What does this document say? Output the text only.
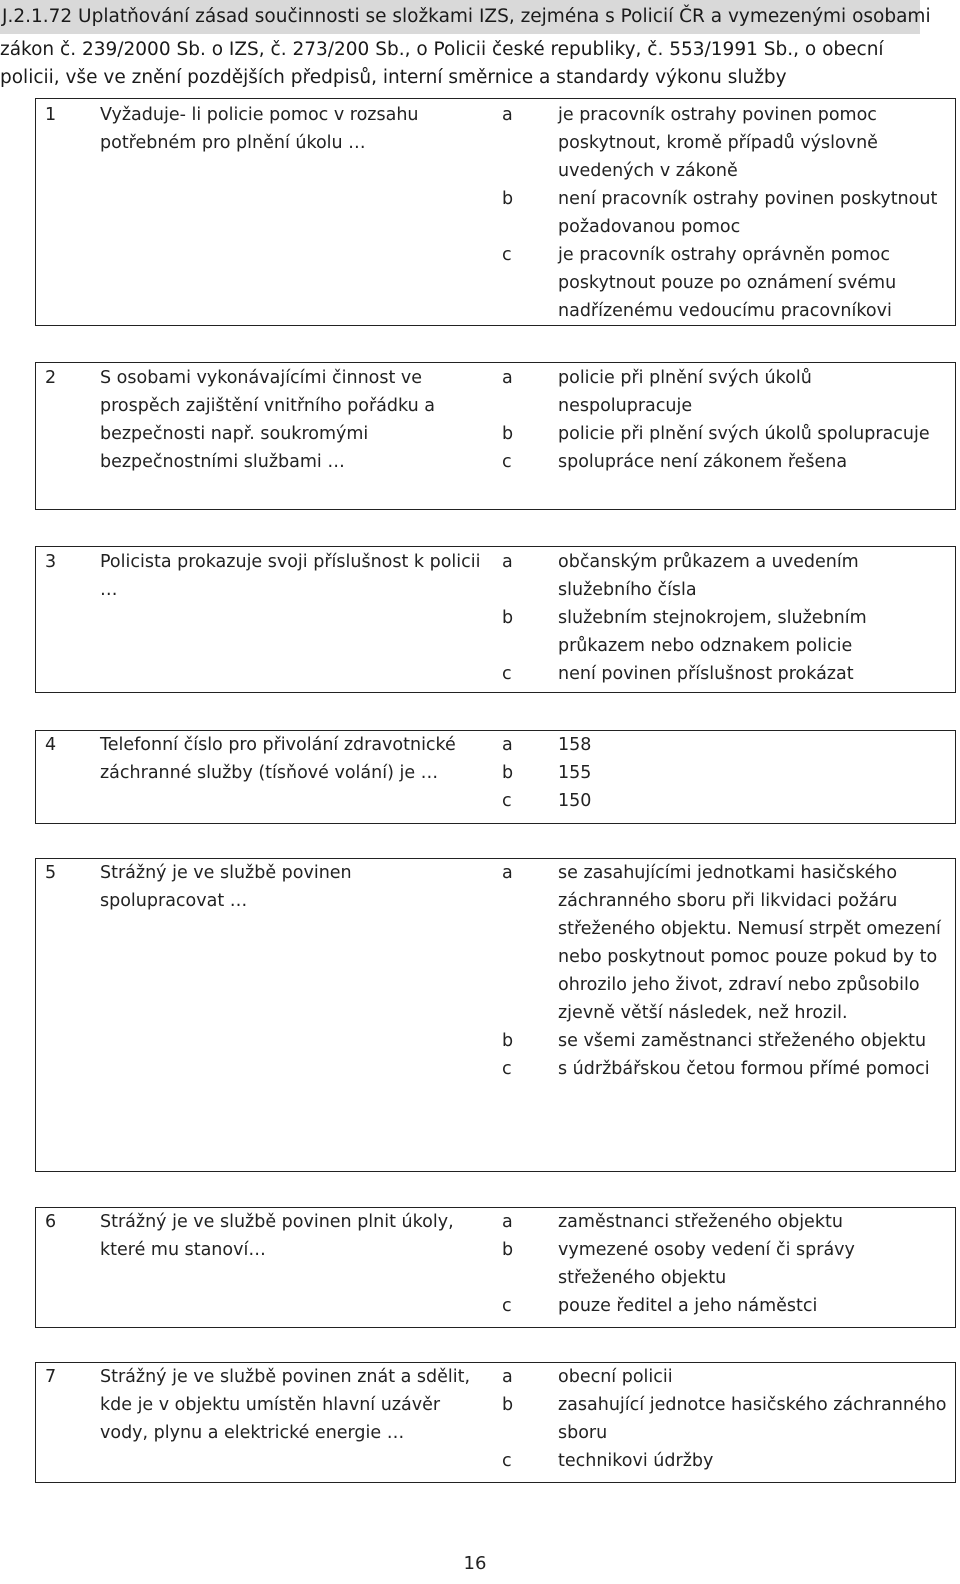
J.2.1.72 Uplatňování zásad součinnosti se složkami IZS, zejména s Policií ČR a vymezenými osobami
zákon č. 239/2000 Sb. o IZS, č. 273/200 Sb., o Policii české republiky, č. 553/1991 Sb., o obecní
policii, vše ve znění pozdějších předpisů, interní směrnice a standardy výkonu služby
1	Vyžaduje- li policie pomoc v rozsahu potřebném pro plnění úkolu …
a	je pracovník ostrahy povinen pomoc poskytnout, kromě případů výslovně uvedených v zákoně
b	není pracovník ostrahy povinen poskytnout požadovanou pomoc
c	je pracovník ostrahy oprávněn pomoc poskytnout pouze po oznámení svému nadřízenému vedoucímu pracovníkovi
2	S osobami vykonávajícími činnost ve prospěch zajištění vnitřního pořádku a bezpečnosti např. soukromými bezpečnostními službami …
a	policie při plnění svých úkolů nespolupracuje
b	policie při plnění svých úkolů spolupracuje
c	spolupráce není zákonem řešena
3	Policista prokazuje svoji příslušnost k policii …
a	občanským průkazem a uvedením služebního čísla
b	služebním stejnokrojem, služebním průkazem nebo odznakem policie
c	není povinen příslušnost prokázat
4	Telefonní číslo pro přivolání zdravotnické záchranné služby (tísňové volání) je …
a	158
b	155
c	150
5	Strážný je ve službě povinen spolupracovat …
a	se zasahujícími jednotkami hasičského záchranného sboru při likvidaci požáru střeženého objektu. Nemusí strpět omezení nebo poskytnout pomoc pouze pokud by to ohrozilo jeho život, zdraví nebo způsobilo zjevně větší následek, než hrozil.
b	se všemi zaměstnanci střeženého objektu
c	s údržbářskou četou formou přímé pomoci
6	Strážný je ve službě povinen plnit úkoly, které mu stanoví…
a	zaměstnanci střeženého objektu
b	vymezené osoby vedení či správy střeženého objektu
c	pouze ředitel a jeho náměstci
7	Strážný je ve službě povinen znát a sdělit, kde je v objektu umístěn hlavní uzávěr vody, plynu a elektrické energie …
a	obecní policii
b	zasahující jednotce hasičského záchranného sboru
c	technikovi údržby
16
